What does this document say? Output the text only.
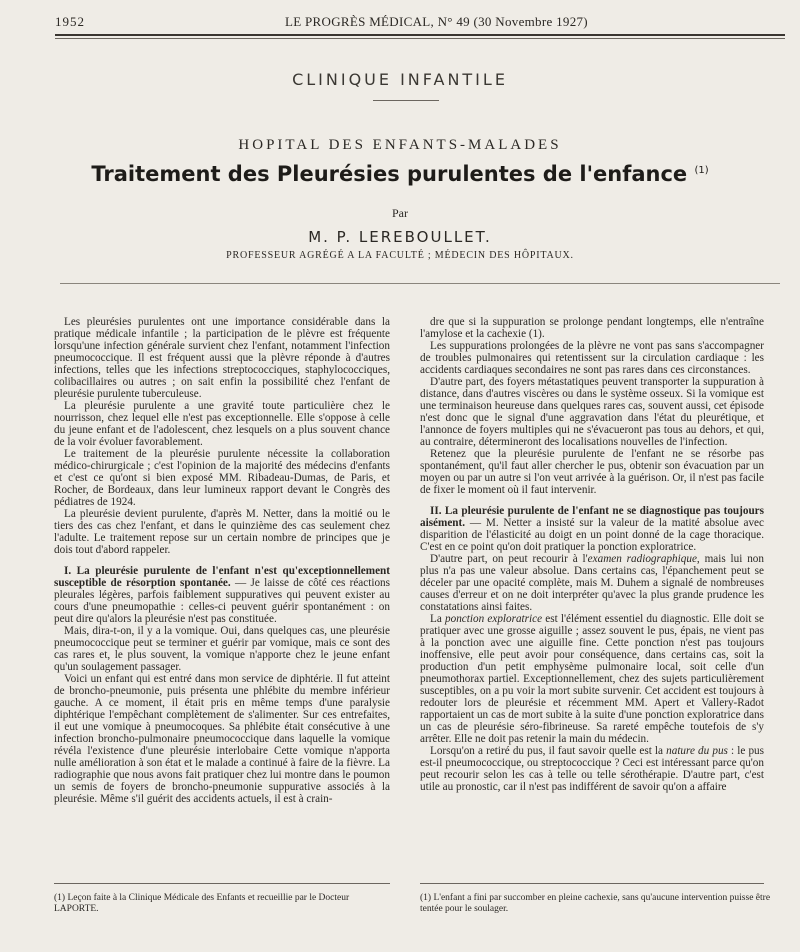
1952	LE PROGRÈS MÉDICAL, N° 49 (30 Novembre 1927)
CLINIQUE INFANTILE
HOPITAL DES ENFANTS-MALADES
Traitement des Pleurésies purulentes de l'enfance $^{(1)}$
Par
M. P. LEREBOULLET.
PROFESSEUR AGRÉGÉ A LA FACULTÉ ; MÉDECIN DES HÔPITAUX.

Les pleurésies purulentes ont une importance considérable dans la pratique médicale infantile ; la participation de le plèvre est fréquente lorsqu'une infection générale survient chez l'enfant, notamment l'infection pneumococcique. Il est fréquent aussi que la plèvre réponde à d'autres infections, telles que les infections streptococciques, staphylococciques, colibacillaires ou autres ; on sait enfin la possibilité chez l'enfant de pleurésie purulente tuberculeuse.

La pleurésie purulente a une gravité toute particulière chez le nourrisson, chez lequel elle n'est pas exceptionnelle. Elle s'oppose à celle du jeune enfant et de l'adolescent, chez lesquels on a plus souvent chance de la voir évoluer favorablement.

Le traitement de la pleurésie purulente nécessite la collaboration médico-chirurgicale ; c'est l'opinion de la majorité des médecins d'enfants et c'est ce qu'ont si bien exposé MM. Ribadeau-Dumas, de Paris, et Rocher, de Bordeaux, dans leur lumineux rapport devant le Congrès des pédiatres de 1924.

La pleurésie devient purulente, d'après M. Netter, dans la moitié ou le tiers des cas chez l'enfant, et dans le quinzième des cas seulement chez l'adulte. Le traitement repose sur un certain nombre de principes que je dois tout d'abord rappeler.

I. La pleurésie purulente de l'enfant n'est qu'exceptionnellement susceptible de résorption spontanée. — Je laisse de côté ces réactions pleurales légères, parfois faiblement suppuratives qui peuvent exister au cours d'une pneumopathie : celles-ci peuvent guérir spontanément : on peut dire qu'alors la pleurésie n'est pas constituée.

Mais, dira-t-on, il y a la vomique. Oui, dans quelques cas, une pleurésie pneumococcique peut se terminer et guérir par vomique, mais ce sont des cas rares et, le plus souvent, la vomique n'apporte chez le jeune enfant qu'un soulagement passager.

Voici un enfant qui est entré dans mon service de diphtérie. Il fut atteint de broncho-pneumonie, puis présenta une phlébite du membre inférieur gauche. A ce moment, il était pris en même temps d'une paralysie diphtérique l'empêchant complètement de s'alimenter. Sur ces entrefaites, il eut une vomique à pneumocoques. Sa phlébite était consécutive à une infection broncho-pulmonaire pneumococcique dans laquelle la vomique révéla l'existence d'une pleurésie interlobaire Cette vomique n'apporta nulle amélioration à son état et le malade a continué à faire de la fièvre. La radiographie que nous avons fait pratiquer chez lui montre dans le poumon un semis de foyers de broncho-pneumonie suppurative associés à la pleurésie. Même s'il guérit des accidents actuels, il est à crain-

dre que si la suppuration se prolonge pendant longtemps, elle n'entraîne l'amylose et la cachexie (1).

Les suppurations prolongées de la plèvre ne vont pas sans s'accompagner de troubles pulmonaires qui retentissent sur la circulation cardiaque : les accidents cardiaques secondaires ne sont pas rares dans ces circonstances.

D'autre part, des foyers métastatiques peuvent transporter la suppuration à distance, dans d'autres viscères ou dans le système osseux. Si la vomique est une terminaison heureuse dans quelques rares cas, souvent aussi, cet épisode n'est donc que le signal d'une aggravation dans l'état du pleurétique, et l'annonce de foyers multiples qui ne s'évacueront pas tous au dehors, et qui, au contraire, détermineront des localisations nouvelles de l'infection.

Retenez que la pleurésie purulente de l'enfant ne se résorbe pas spontanément, qu'il faut aller chercher le pus, obtenir son évacuation par un moyen ou par un autre si l'on veut arrivée à la guérison. Or, il n'est pas facile de fixer le moment où il faut intervenir.

II. La pleurésie purulente de l'enfant ne se diagnostique pas toujours aisément. — M. Netter a insisté sur la valeur de la matité absolue avec disparition de l'élasticité au doigt en un point donné de la cage thoracique. C'est en ce point qu'on doit pratiquer la ponction exploratrice.

D'autre part, on peut recourir à l'examen radiographique, mais lui non plus n'a pas une valeur absolue. Dans certains cas, l'épanchement peut se déceler par une opacité complète, mais M. Duhem a signalé de nombreuses causes d'erreur et on ne doit interpréter qu'avec la plus grande prudence les constatations ainsi faites.

La ponction exploratrice est l'élément essentiel du diagnostic. Elle doit se pratiquer avec une grosse aiguille ; assez souvent le pus, épais, ne vient pas à la ponction avec une aiguille fine. Cette ponction n'est pas toujours inoffensive, elle peut avoir pour conséquence, dans certains cas, soit la production d'un petit emphysème pulmonaire local, soit celle d'un pneumothorax partiel. Exceptionnellement, chez des sujets particulièrement susceptibles, on a pu voir la mort subite survenir. Cet accident est toujours à redouter lors de pleurésie et récemment MM. Apert et Vallery-Radot rapportaient un cas de mort subite à la suite d'une ponction exploratrice dans un cas de pleurésie séro-fibrineuse. Sa rareté empêche toutefois de s'y arrêter. Elle ne doit pas retenir la main du médecin.

Lorsqu'on a retiré du pus, il faut savoir quelle est la nature du pus : le pus est-il pneumococcique, ou streptococcique ? Ceci est intéressant parce qu'on peut recourir selon les cas à telle ou telle sérothérapie. D'autre part, c'est utile au pronostic, car il n'est pas indifférent de savoir qu'on a affaire

(1) Leçon faite à la Clinique Médicale des Enfants et recueillie par le Docteur LAPORTE.
(1) L'enfant a fini par succomber en pleine cachexie, sans qu'aucune intervention puisse être tentée pour le soulager.
